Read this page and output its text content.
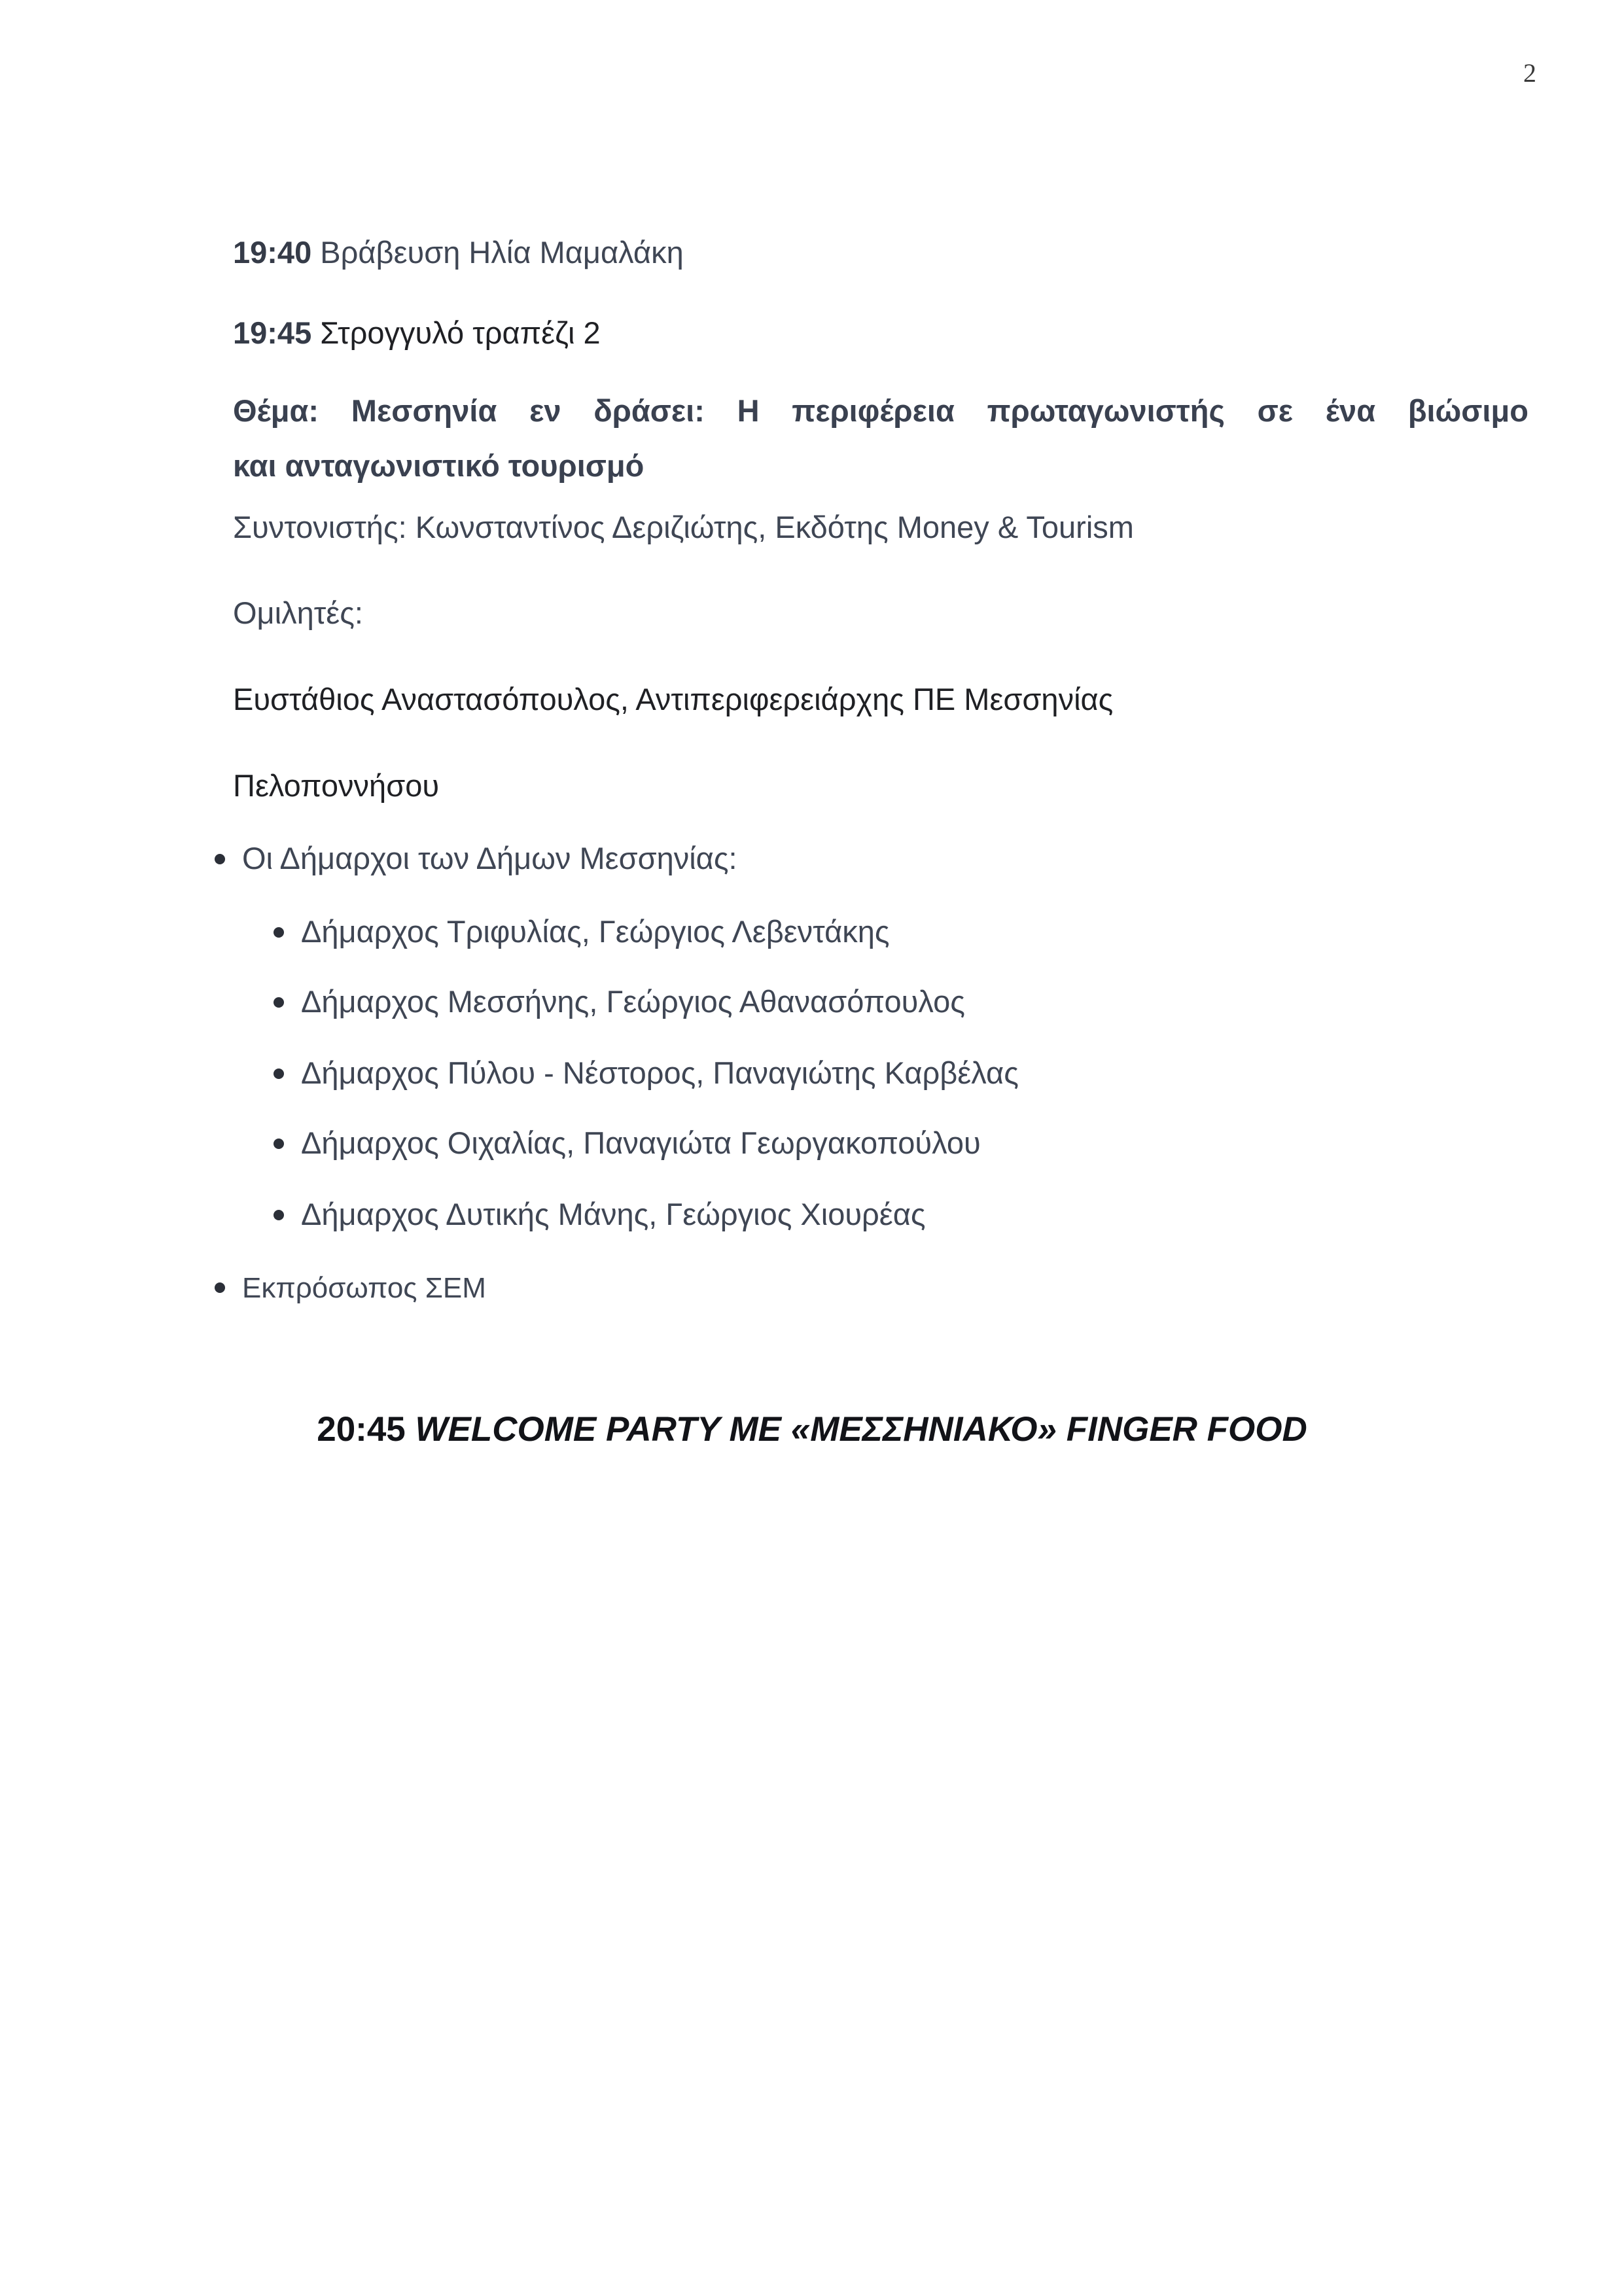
2
19:40 Βράβευση Ηλία Μαμαλάκη
19:45 Στρογγυλό τραπέζι 2
Θέμα: Μεσσηνία εν δράσει: Η περιφέρεια πρωταγωνιστής σε ένα βιώσιμο
και ανταγωνιστικό τουρισμό
Συντονιστής: Κωνσταντίνος Δεριζιώτης, Εκδότης Money & Tourism
Ομιλητές:
Ευστάθιος Αναστασόπουλος, Αντιπεριφερειάρχης ΠΕ Μεσσηνίας
Πελοποννήσου
Οι Δήμαρχοι των Δήμων Μεσσηνίας:
Δήμαρχος Τριφυλίας, Γεώργιος Λεβεντάκης
Δήμαρχος Μεσσήνης, Γεώργιος Αθανασόπουλος
Δήμαρχος Πύλου - Νέστορος, Παναγιώτης Καρβέλας
Δήμαρχος Οιχαλίας, Παναγιώτα Γεωργακοπούλου
Δήμαρχος Δυτικής Μάνης, Γεώργιος Χιουρέας
Εκπρόσωπος ΣΕΜ
20:45 WELCOME PARTY ΜΕ «ΜΕΣΣΗΝΙΑΚΟ» FINGER FOOD
